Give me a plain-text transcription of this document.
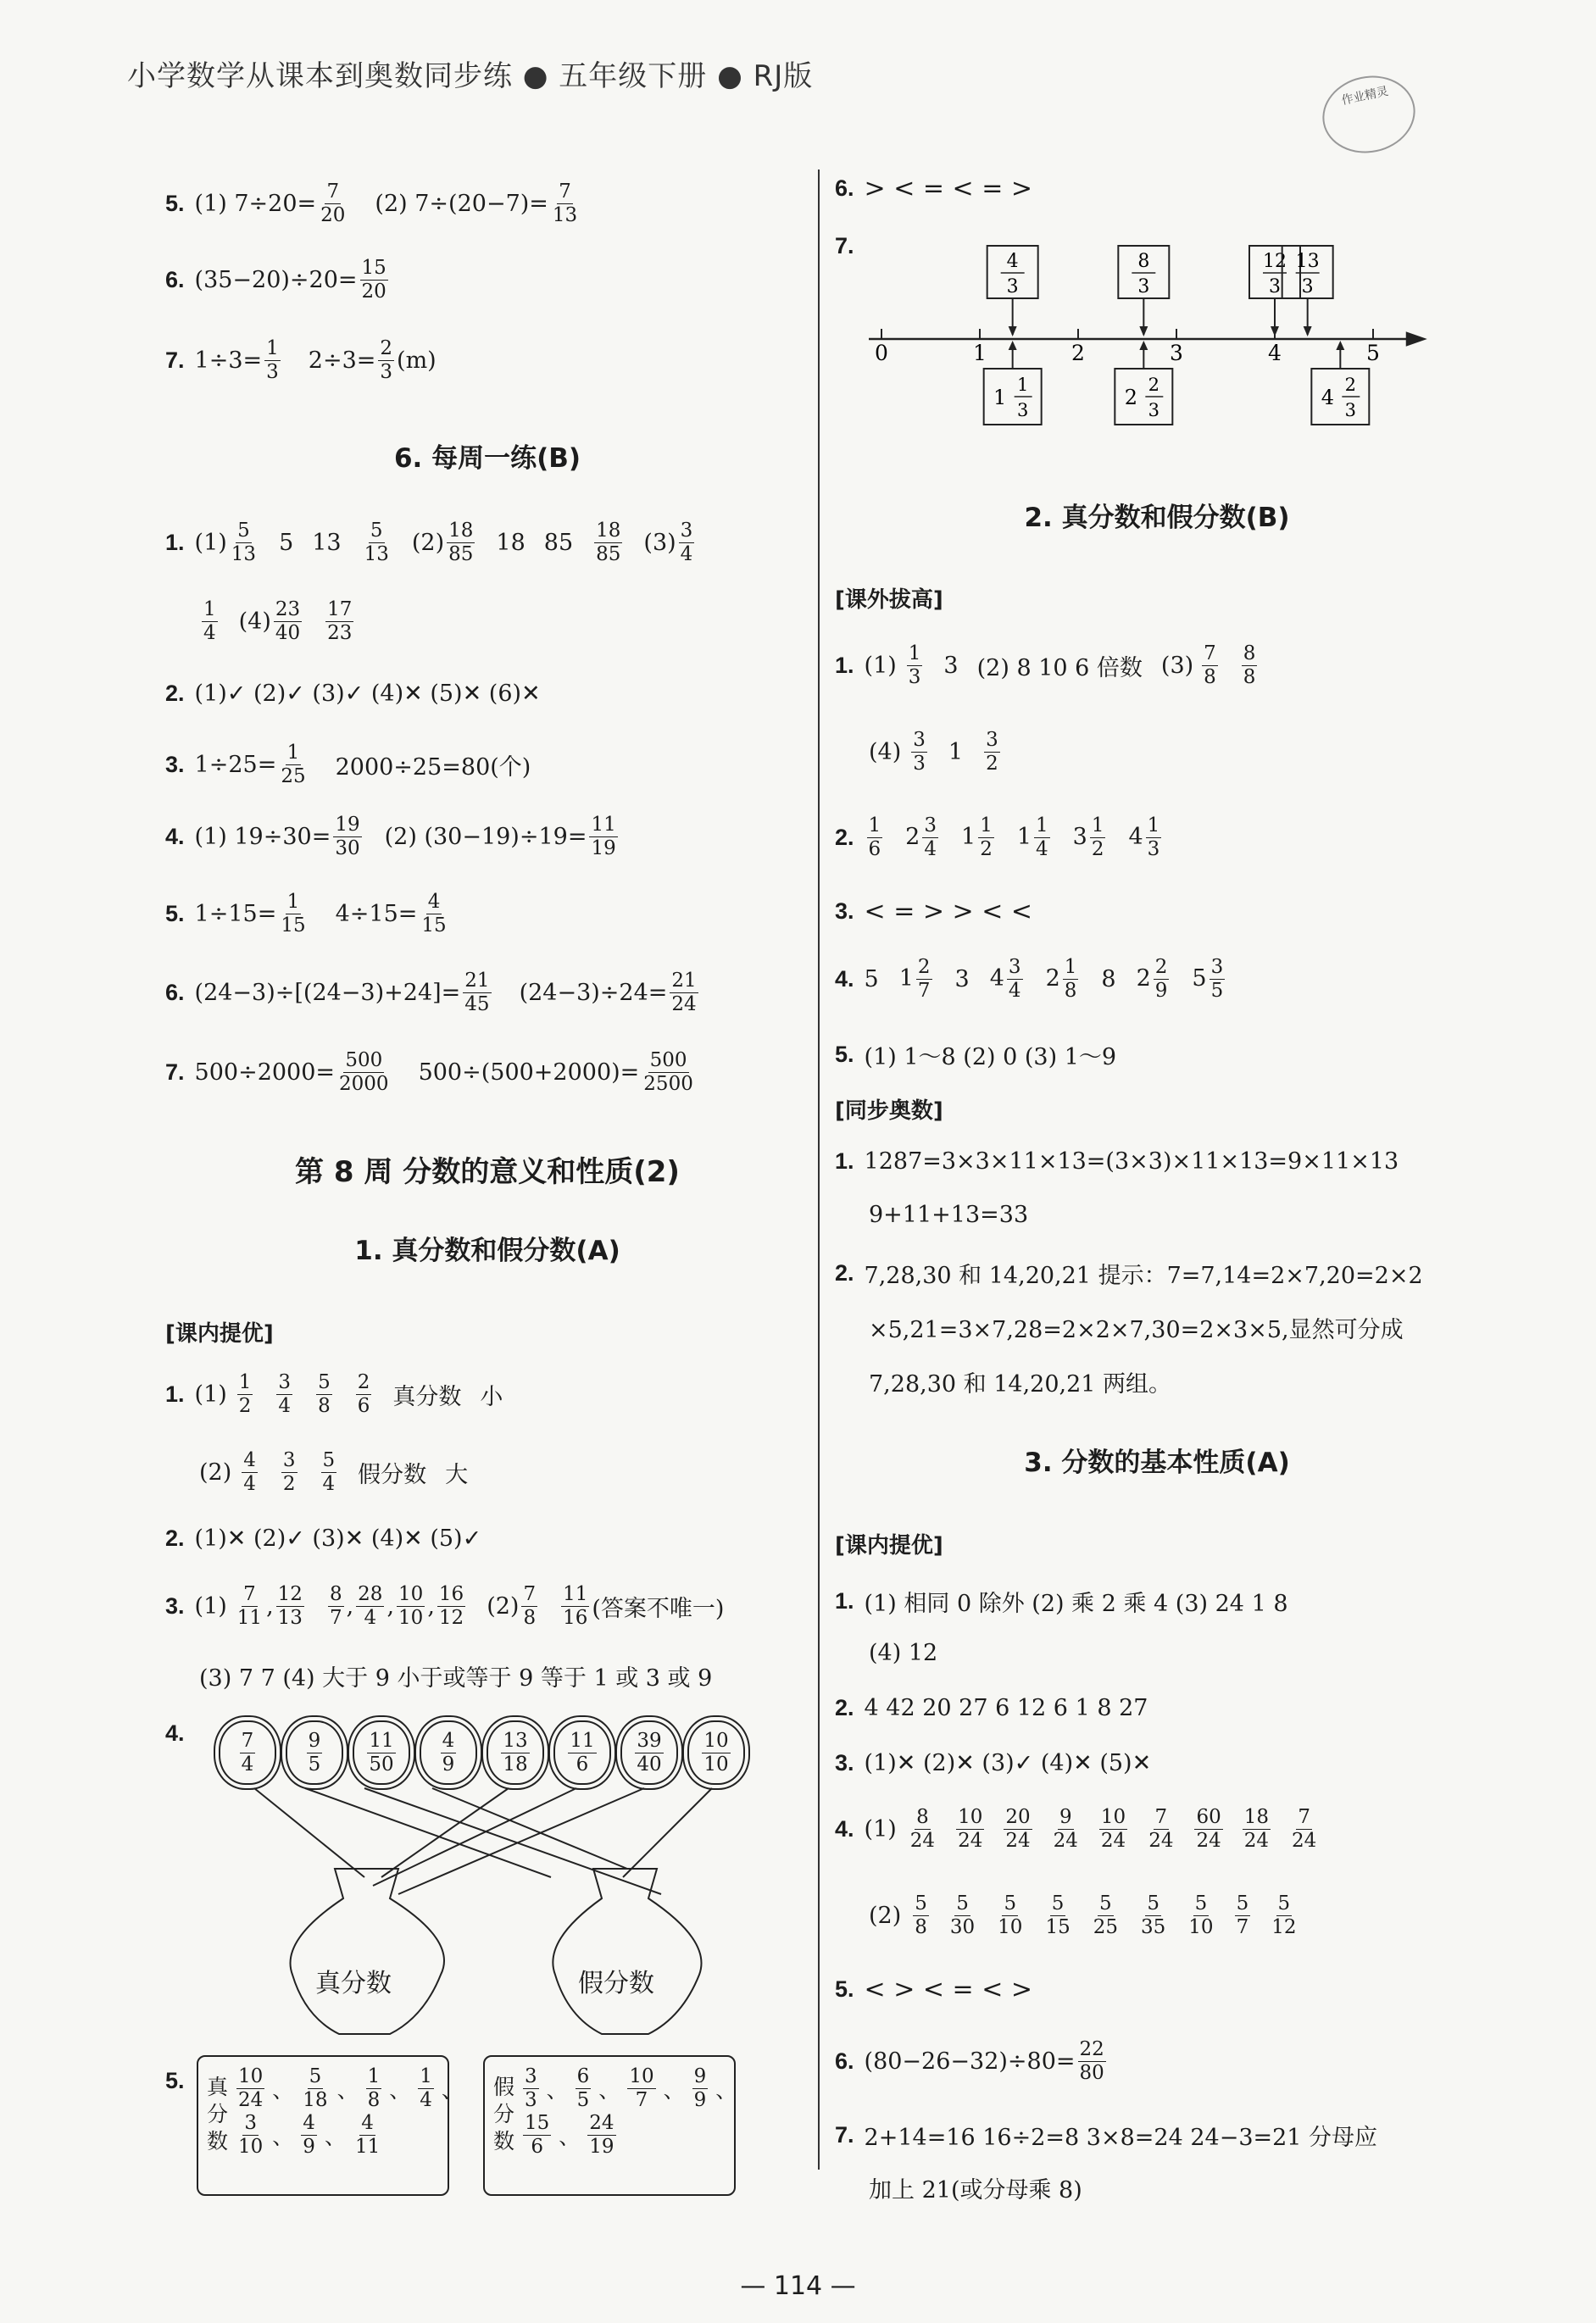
小学数学从课本到奥数同步练 ● 五年级下册 ● RJ版
作业精灵
5. (1) $7\div 20= \frac{7}{20} (2)$ $7\div(20-7)= \frac{7}{13}$
6. $(35-20)\div 20= \frac{15}{20}$
7. $1\div 3= \frac{1}{3} 2\div 3= \frac{2}{3} (m)$
6. 每周一练(B)
1. $(1) \frac{5}{13} 5$ $13 \frac{5}{13} (2) \frac{18}{85} 18$ $85 \frac{18}{85} (3) \frac{3}{4}$
$\frac{1}{4} (4) \frac{23}{40} \frac{17}{23}$
2. (1)✓ (2)✓ (3)✓ (4)✕ (5)✕ (6)✕
3. $1\div 25= \frac{1}{25} 2000\div 25=80$(个)
4. (1) $19\div 30= \frac{19}{30} (2)$ $(30-19)\div 19= \frac{11}{19}$
5. $1\div 15= \frac{1}{15} 4\div 15= \frac{4}{15}$
6. $(24-3)\div[(24-3)+24]= \frac{21}{45} (24-3)\div 24= \frac{21}{24}$
7. $500\div 2000= \frac{500}{2000} 500\div(500+2000)= \frac{500}{2500}$
第 8 周 分数的意义和性质(2)
1. 真分数和假分数(A)
[课内提优]
1. $(1) \frac{1}{2} \frac{3}{4} \frac{5}{8} \frac{2}{6}$ 真分数 小
$(2) \frac{4}{4} \frac{3}{2} \frac{5}{4}$ 假分数 大
2. (1)✕ (2)✓ (3)✕ (4)✕ (5)✓
3. $(1) \frac{7}{11}$ , $\frac{12}{13} \frac{8}{7}$ , $\frac{28}{4}$ , $\frac{10}{10}$ , $\frac{16}{12} (2) \frac{7}{8} \frac{11}{16}$ (答案不唯一)
(3) 7 7 (4) 大于 9 小于或等于 9 等于 1 或 3 或 9
4.	$\frac{7}{4}$	$\frac{9}{5} \frac{11}{50} \frac{4}{9} \frac{13}{18} \frac{11}{6} \frac{39}{40} \frac{10}{10}$
真分数	假分数
5. 真分数
$\frac{10}{24}$ 、 $\frac{5}{18}$ 、 $\frac{1}{8}$ 、 $\frac{1}{4}$ 、
$\frac{3}{10}$ 、 $\frac{4}{9}$ 、 $\frac{4}{11}$
假分数
$\frac{3}{3}$ 、 $\frac{6}{5}$ 、 $\frac{10}{7}$ 、 $\frac{9}{9}$ 、
$\frac{15}{6}$ 、 $\frac{24}{19}$
6. > < = < = >
7.
4
3
8
3
12
3
13
3
1
1
3
2
2
3
4
2
3
0	1	2	3	4	5
2. 真分数和假分数(B)
[课外拔高]
1. $(1) \frac{1}{3} 3$ (2) 8 10 6 倍数 $(3) \frac{7}{8} \frac{8}{8}$
$(4) \frac{3}{3} 1 \frac{3}{2}$
2. $\frac{1}{6} 2 \frac{3}{4} 1 \frac{1}{2} 1 \frac{1}{4} 3 \frac{1}{2} 4 \frac{1}{3}$
3. < = > > < <
4. 5 $1 \frac{2}{7} 3$ $4 \frac{3}{4} 2 \frac{1}{8} 8$ $2 \frac{2}{9} 5 \frac{3}{5}$
5. (1) 1～8 (2) 0 (3) 1～9
[同步奥数]
1. 1287=3×3×11×13=(3×3)×11×13=9×11×13
9+11+13=33
2. 7,28,30 和 14,20,21 提示：7=7,14=2×7,20=2×2
×5,21=3×7,28=2×2×7,30=2×3×5,显然可分成
7,28,30 和 14,20,21 两组。
3. 分数的基本性质(A)
[课内提优]
1. (1) 相同 0 除外 (2) 乘 2 乘 4 (3) 24 1 8
(4) 12
2. 4 42 20 27 6 12 6 1 8 27
3. (1)✕ (2)✕ (3)✓ (4)✕ (5)✕
4. $(1) \frac{8}{24} \frac{10}{24} \frac{20}{24} \frac{9}{24} \frac{10}{24} \frac{7}{24} \frac{60}{24} \frac{18}{24} \frac{7}{24}$
$(2) \frac{5}{8} \frac{5}{30} \frac{5}{10} \frac{5}{15} \frac{5}{25} \frac{5}{35} \frac{5}{10} \frac{5}{7} \frac{5}{12}$
5. < > < = < >
6. $(80-26-32)\div 80= \frac{22}{80}$
7. 2+14=16 16÷2=8 3×8=24 24−3=21 分母应
加上 21(或分母乘 8)
— 114 —
